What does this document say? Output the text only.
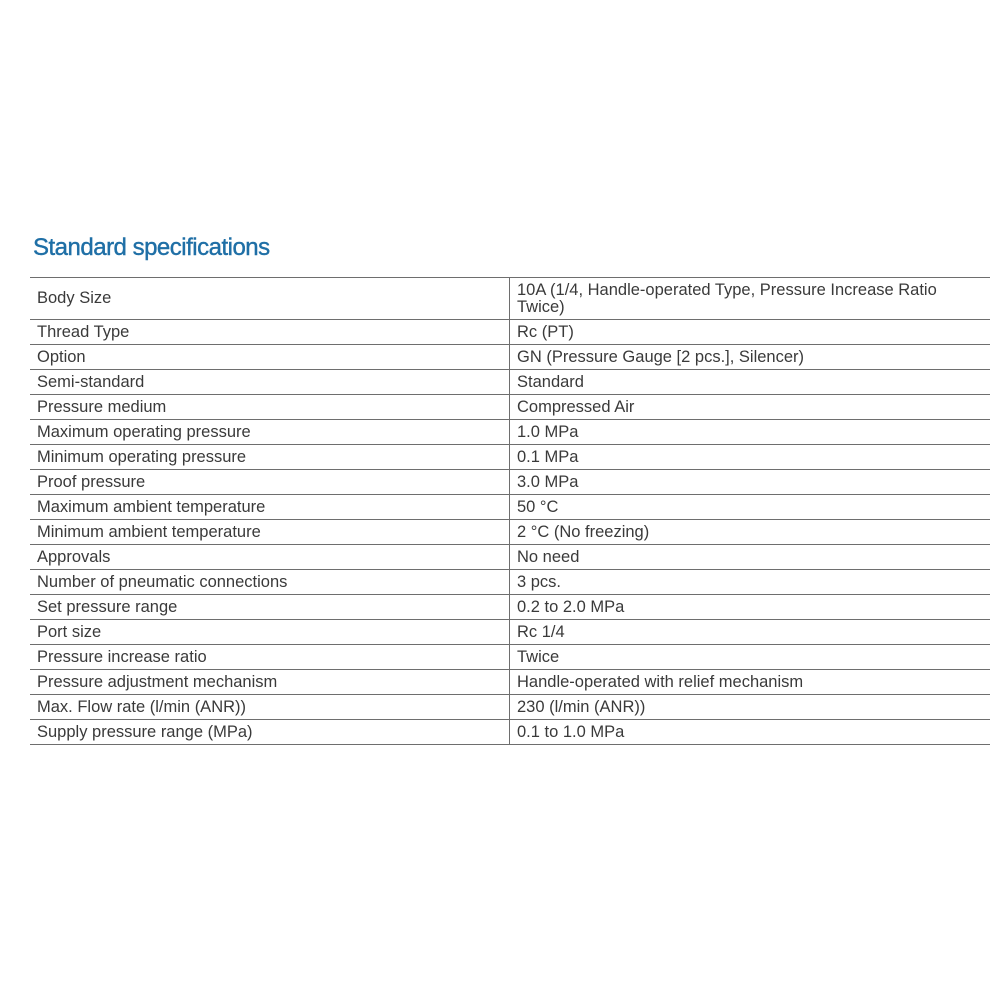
Standard specifications
Body Size	10A (1/4, Handle-operated Type, Pressure Increase Ratio Twice)
Thread Type	Rc (PT)
Option	GN (Pressure Gauge [2 pcs.], Silencer)
Semi-standard	Standard
Pressure medium	Compressed Air
Maximum operating pressure	1.0 MPa
Minimum operating pressure	0.1 MPa
Proof pressure	3.0 MPa
Maximum ambient temperature	50 °C
Minimum ambient temperature	2 °C (No freezing)
Approvals	No need
Number of pneumatic connections	3 pcs.
Set pressure range	0.2 to 2.0 MPa
Port size	Rc 1/4
Pressure increase ratio	Twice
Pressure adjustment mechanism	Handle-operated with relief mechanism
Max. Flow rate (l/min (ANR))	230 (l/min (ANR))
Supply pressure range (MPa)	0.1 to 1.0 MPa
